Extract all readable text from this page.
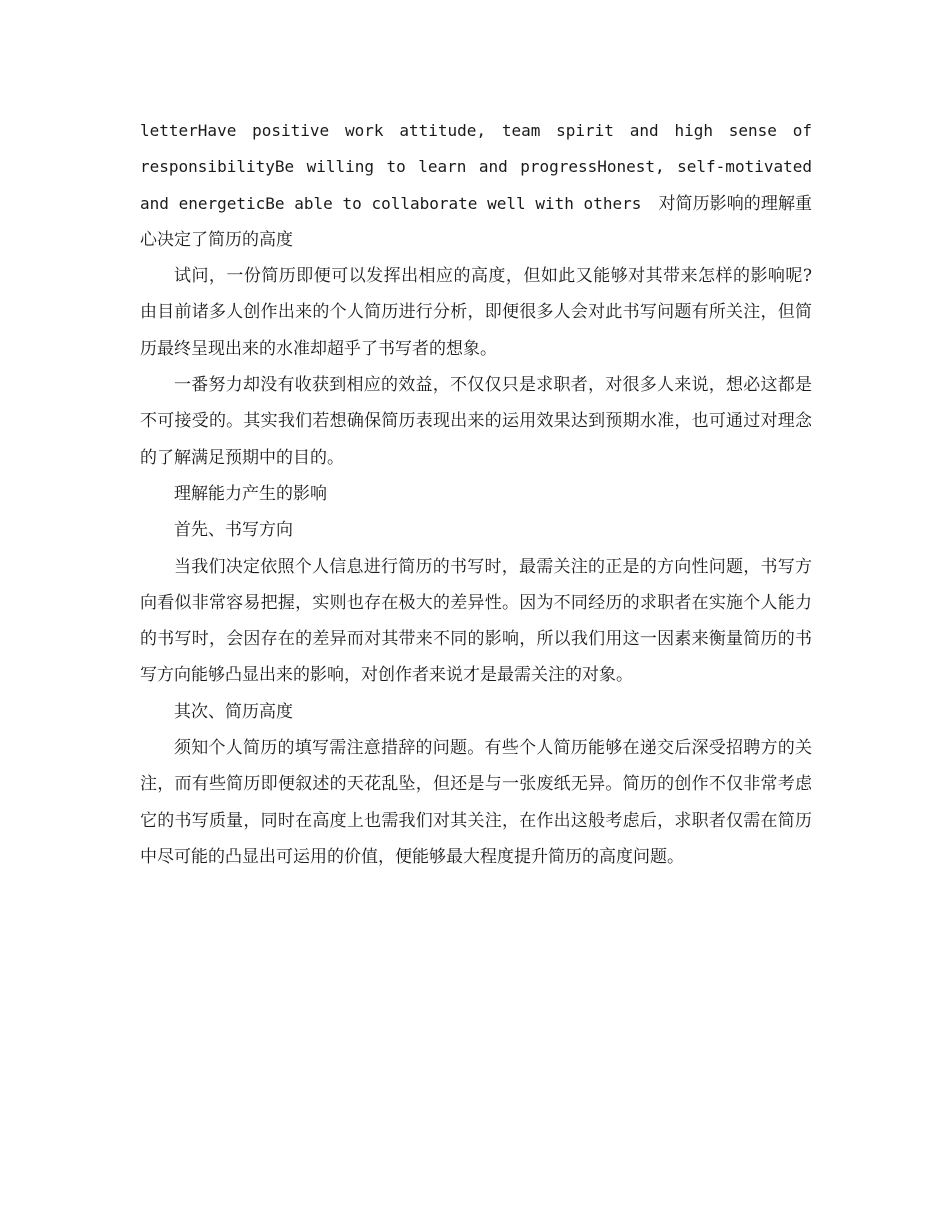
letterHave positive work attitude, team spirit and high sense of responsibilityBe willing to learn and progressHonest, self-motivated and energeticBe able to collaborate well with others　对简历影响的理解重心决定了简历的高度

试问，一份简历即便可以发挥出相应的高度，但如此又能够对其带来怎样的影响呢?由目前诸多人创作出来的个人简历进行分析，即便很多人会对此书写问题有所关注，但简历最终呈现出来的水准却超乎了书写者的想象。

一番努力却没有收获到相应的效益，不仅仅只是求职者，对很多人来说，想必这都是不可接受的。其实我们若想确保简历表现出来的运用效果达到预期水准，也可通过对理念的了解满足预期中的目的。

理解能力产生的影响

首先、书写方向

当我们决定依照个人信息进行简历的书写时，最需关注的正是的方向性问题，书写方向看似非常容易把握，实则也存在极大的差异性。因为不同经历的求职者在实施个人能力的书写时，会因存在的差异而对其带来不同的影响，所以我们用这一因素来衡量简历的书写方向能够凸显出来的影响，对创作者来说才是最需关注的对象。

其次、简历高度

须知个人简历的填写需注意措辞的问题。有些个人简历能够在递交后深受招聘方的关注，而有些简历即便叙述的天花乱坠，但还是与一张废纸无异。简历的创作不仅非常考虑它的书写质量，同时在高度上也需我们对其关注，在作出这般考虑后，求职者仅需在简历中尽可能的凸显出可运用的价值，便能够最大程度提升简历的高度问题。
